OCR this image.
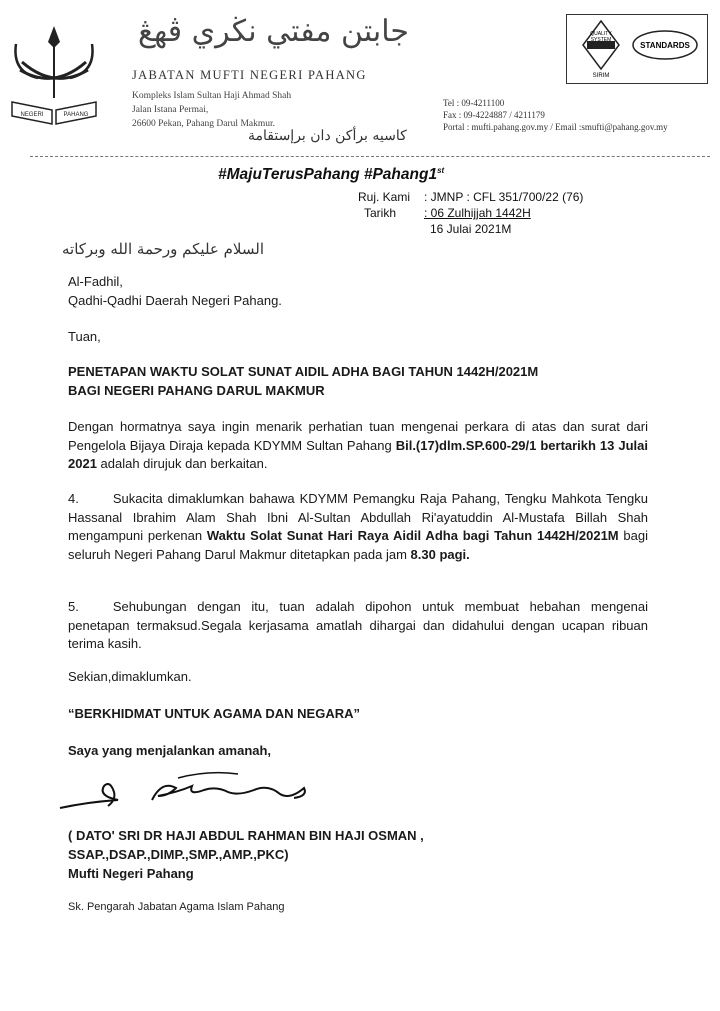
NEGERI	PAHANG
جابتن مفتي نڬري ڤهڠ
JABATAN MUFTI NEGERI PAHANG
Kompleks Islam Sultan Haji Ahmad Shah
Jalan Istana Permai,
26600 Pekan, Pahang Darul Makmur.
كاسيه برأكن دان برإستقامة
Tel : 09-4211100
Fax : 09-4224887 / 4211179
Portal : mufti.pahang.gov.my / Email :smufti@pahang.gov.my
QUALITY
SYSTEM
SIRIM
STANDARDS
#MajuTerusPahang #Pahang1st
Ruj. Kami : JMNP : CFL 351/700/22 (76)
Tarikh : 06 Zulhijjah 1442H
16 Julai 2021M
السلام عليكم ورحمة الله وبركاته
Al-Fadhil,
Qadhi-Qadhi Daerah Negeri Pahang.
Tuan,
PENETAPAN WAKTU SOLAT SUNAT AIDIL ADHA BAGI TAHUN 1442H/2021M
BAGI NEGERI PAHANG DARUL MAKMUR
Dengan hormatnya saya ingin menarik perhatian tuan mengenai perkara di atas dan surat dari Pengelola Bijaya Diraja kepada KDYMM Sultan Pahang Bil.(17)dlm.SP.600-29/1 bertarikh 13 Julai 2021 adalah dirujuk dan berkaitan.
4.	Sukacita dimaklumkan bahawa KDYMM Pemangku Raja Pahang, Tengku Mahkota Tengku Hassanal Ibrahim Alam Shah Ibni Al-Sultan Abdullah Ri'ayatuddin Al-Mustafa Billah Shah mengampuni perkenan Waktu Solat Sunat Hari Raya Aidil Adha bagi Tahun 1442H/2021M bagi seluruh Negeri Pahang Darul Makmur ditetapkan pada jam 8.30 pagi.
5.	Sehubungan dengan itu, tuan adalah dipohon untuk membuat hebahan mengenai penetapan termaksud.Segala kerjasama amatlah dihargai dan didahului dengan ucapan ribuan terima kasih.
Sekian,dimaklumkan.
“BERKHIDMAT UNTUK AGAMA DAN NEGARA”
Saya yang menjalankan amanah,
( DATO' SRI DR HAJI ABDUL RAHMAN BIN HAJI OSMAN ,
SSAP.,DSAP.,DIMP.,SMP.,AMP.,PKC)
Mufti Negeri Pahang
Sk. Pengarah Jabatan Agama Islam Pahang
